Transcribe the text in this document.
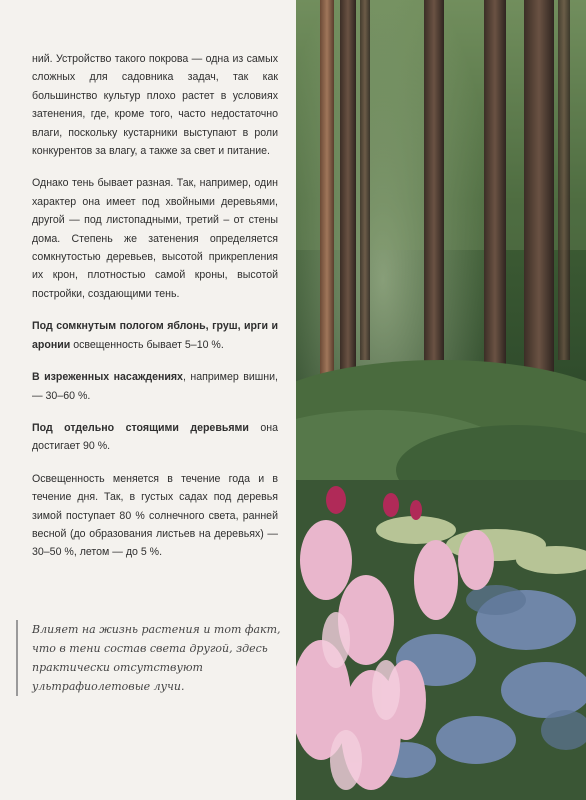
ний. Устройство такого покрова — одна из самых сложных для садовника задач, так как большинство культур плохо растет в условиях затенения, где, кроме того, часто недостаточно влаги, поскольку кустарники выступают в роли конкурентов за влагу, а также за свет и питание.

Однако тень бывает разная. Так, например, один характер она имеет под хвойными деревьями, другой — под листопадными, третий – от стены дома. Степень же затенения определяется сомкнутостью деревьев, высотой прикрепления их крон, плотностью самой кроны, высотой постройки, создающими тень.

Под сомкнутым пологом яблонь, груш, ирги и аронии освещенность бывает 5–10 %.

В изреженных насаждениях, например вишни, — 30–60 %.

Под отдельно стоящими деревьями она достигает 90 %.

Освещенность меняется в течение года и в течение дня. Так, в густых садах под деревья зимой поступает 80 % солнечного света, ранней весной (до образования листьев на деревьях) — 30–50 %, летом — до 5 %.

Влияет на жизнь растения и тот факт, что в тени состав света другой, здесь практически отсутствуют ультрафиолетовые лучи.
